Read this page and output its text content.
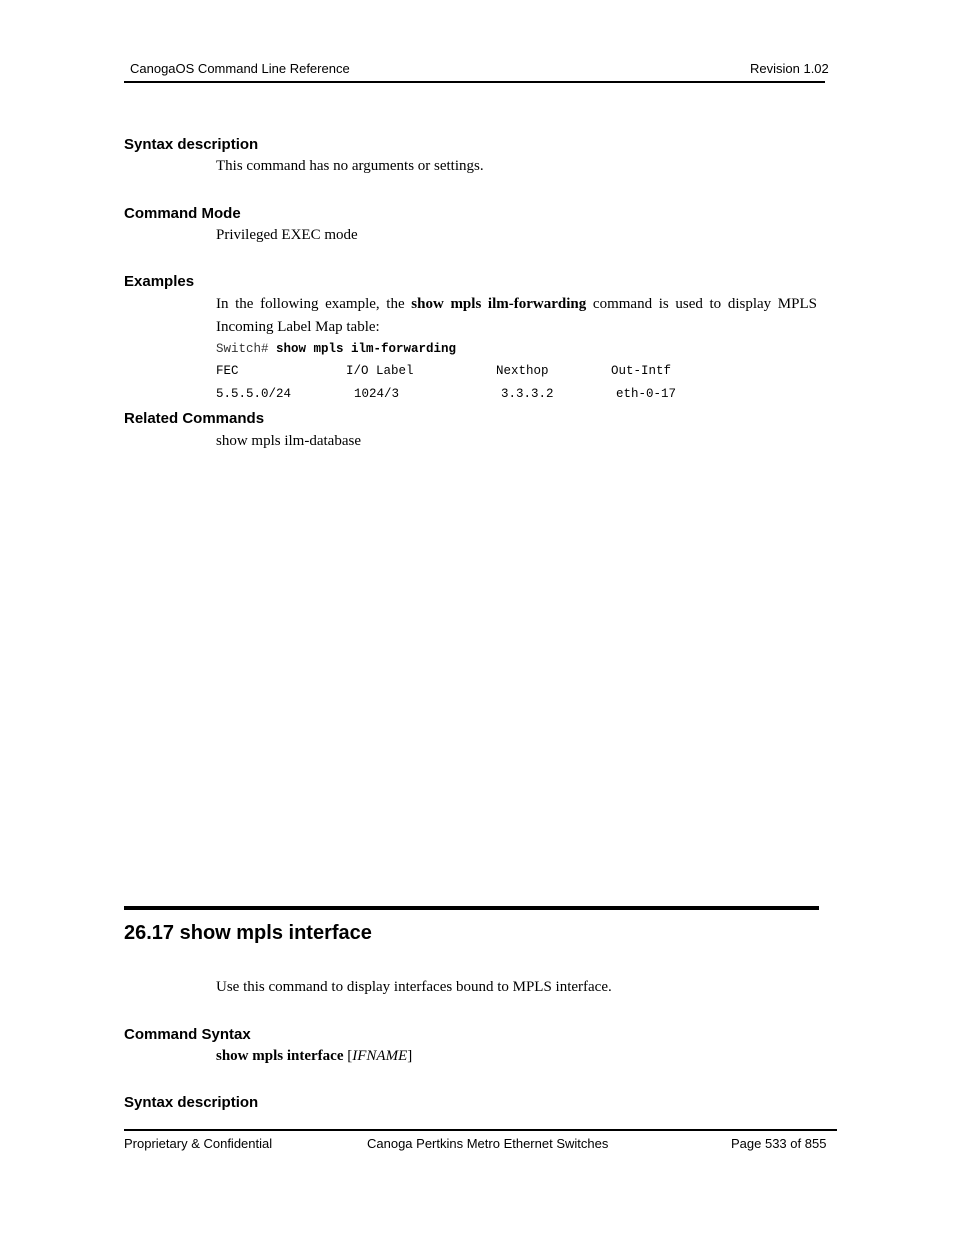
CanogaOS Command Line Reference	Revision 1.02
Syntax description
This command has no arguments or settings.
Command Mode
Privileged EXEC mode
Examples
In the following example, the show mpls ilm-forwarding command is used to display MPLS Incoming Label Map table:
Switch# show mpls ilm-forwarding
FEC	I/O Label	Nexthop	Out-Intf
5.5.5.0/24	1024/3	3.3.3.2	eth-0-17
Related Commands
show mpls ilm-database
26.17 show mpls interface
Use this command to display interfaces bound to MPLS interface.
Command Syntax
show mpls interface [IFNAME]
Syntax description
Proprietary & Confidential	Canoga Pertkins Metro Ethernet Switches	Page 533 of 855
